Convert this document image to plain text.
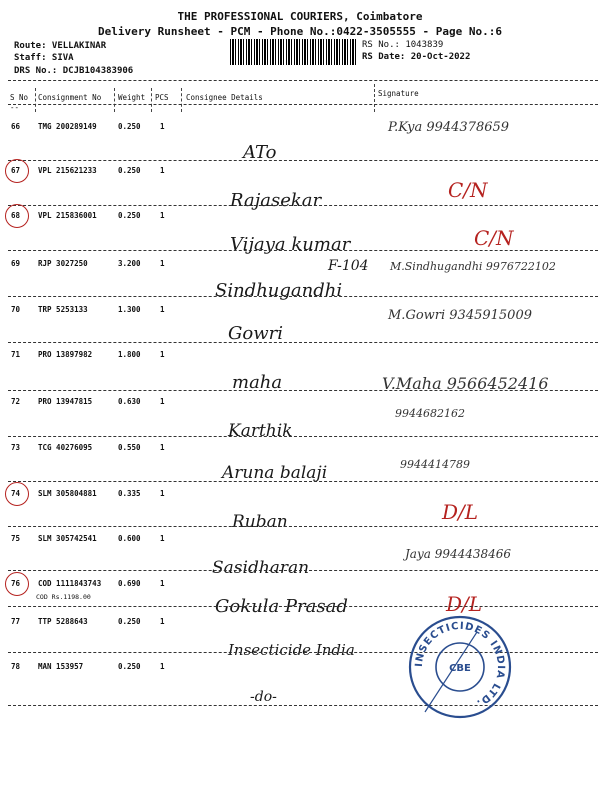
THE PROFESSIONAL COURIERS, Coimbatore
Delivery Runsheet - PCM - Phone No.:0422-3505555 - Page No.:6
Route: VELLAKINAR
Staff: SIVA
DRS No.: DCJB104383906
RS No.: 1043839
RS Date: 20-Oct-2022
S No
--
Consignment No Weight PCS Consignee Details	Signature
66 TMG 200289149	0.250	1
ATo
P.Kya 9944378659
67 VPL 215621233	0.250	1
Rajasekar	C/N
68 VPL 215836001	0.250	1
Vijaya kumar	C/N
69 RJP 3027250	3.200	1
Sindhugandhi
F-104 M.Sindhugandhi 9976722102
70 TRP 5253133	1.300	1
Gowri
M.Gowri 9345915009
71 PRO 13897982	1.800	1
maha	V.Maha 9566452416
72 PRO 13947815	0.630	1
Karthik
9944682162
73 TCG 40276095	0.550	1
Aruna balaji	9944414789
74 SLM 305804881	0.335	1
Ruban	D/L
75 SLM 305742541	0.600	1
Sasidharan
Jaya 9944438466
76 COD 1111843743 0.690	1
COD Rs.1198.00	Gokula Prasad	D/L
77 TTP 5288643	0.250	1
Insecticide India
78 MAN 153957	0.250	1
-do-
INSECTICIDES INDIA LTD.
CBE
